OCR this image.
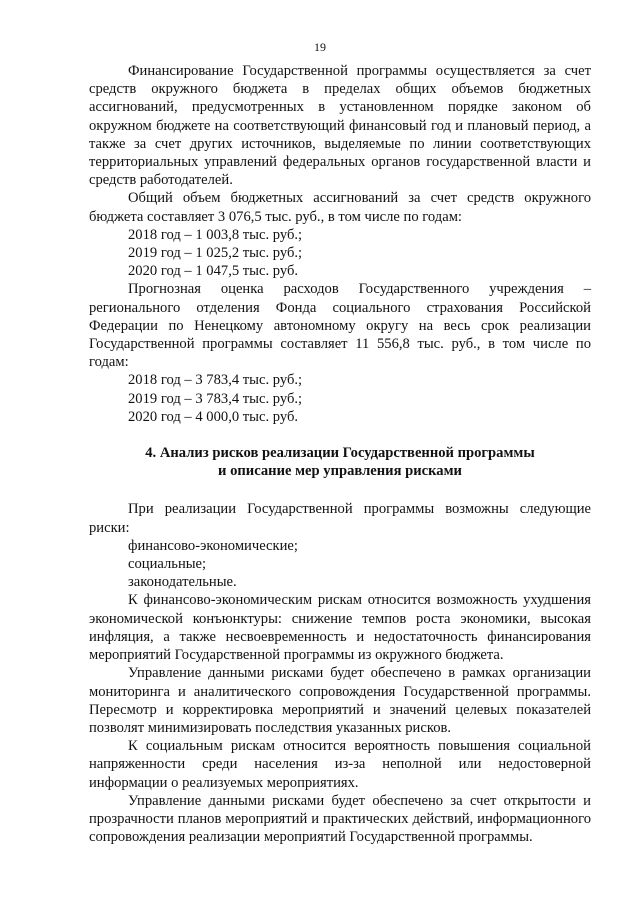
19

Финансирование Государственной программы осуществляется за счет средств окружного бюджета в пределах общих объемов бюджетных ассигнований, предусмотренных в установленном порядке законом об окружном бюджете на соответствующий финансовый год и плановый период, а также за счет других источников, выделяемые по линии соответствующих территориальных управлений федеральных органов государственной власти и средств работодателей.

Общий объем бюджетных ассигнований за счет средств окружного бюджета составляет 3 076,5 тыс. руб., в том числе по годам:

2018 год – 1 003,8 тыс. руб.;

2019 год – 1 025,2 тыс. руб.;

2020 год – 1 047,5 тыс. руб.

Прогнозная оценка расходов Государственного учреждения – регионального отделения Фонда социального страхования Российской Федерации по Ненецкому автономному округу на весь срок реализации Государственной программы составляет 11 556,8 тыс. руб., в том числе по годам:

2018 год – 3 783,4 тыс. руб.;

2019 год – 3 783,4 тыс. руб.;

2020 год – 4 000,0 тыс. руб.

4. Анализ рисков реализации Государственной программы

и описание мер управления рисками

При реализации Государственной программы возможны следующие риски:

финансово-экономические;

социальные;

законодательные.

К финансово-экономическим рискам относится возможность ухудшения экономической конъюнктуры: снижение темпов роста экономики, высокая инфляция, а также несвоевременность и недостаточность финансирования мероприятий Государственной программы из окружного бюджета.

Управление данными рисками будет обеспечено в рамках организации мониторинга и аналитического сопровождения Государственной программы. Пересмотр и корректировка мероприятий и значений целевых показателей позволят минимизировать последствия указанных рисков.

К социальным рискам относится вероятность повышения социальной напряженности среди населения из-за неполной или недостоверной информации о реализуемых мероприятиях.

Управление данными рисками будет обеспечено за счет открытости и прозрачности планов мероприятий и практических действий, информационного сопровождения реализации мероприятий Государственной программы.
